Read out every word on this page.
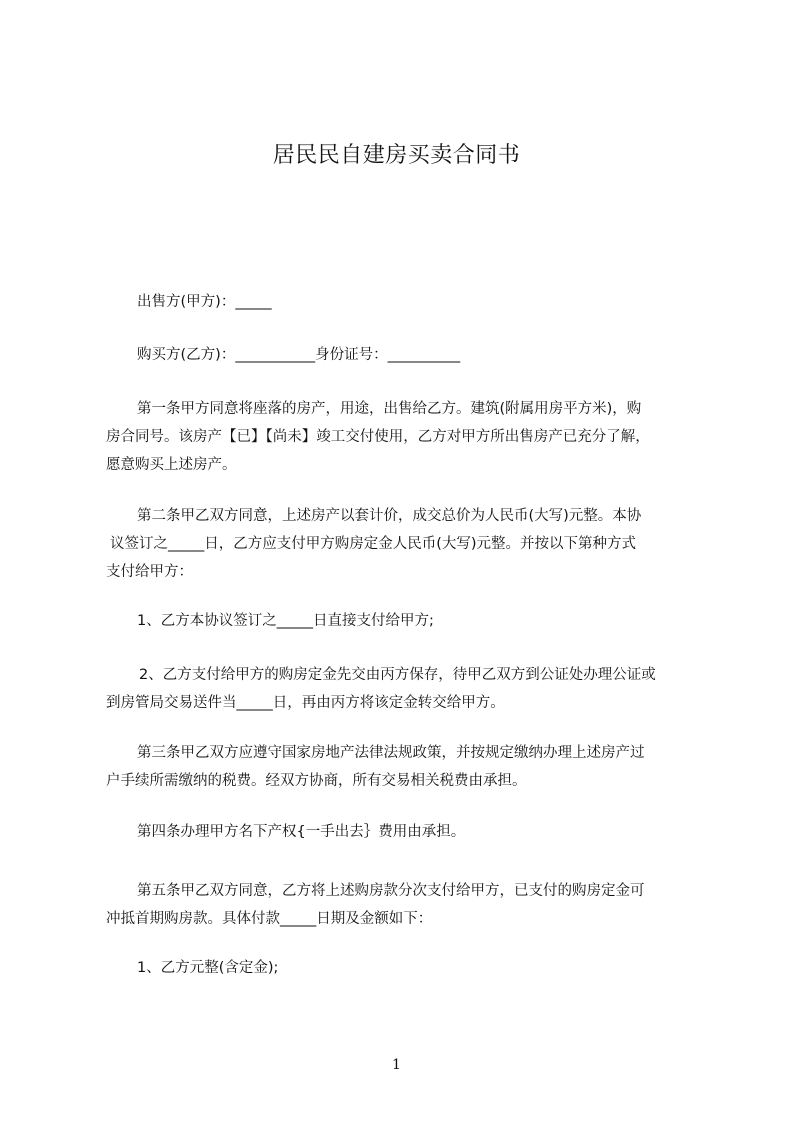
居民民自建房买卖合同书
出售方(甲方)：_____
购买方(乙方)：___________身份证号：__________
第一条甲方同意将座落的房产，用途，出售给乙方。建筑(附属用房平方米)，购
房合同号。该房产【已】【尚未】竣工交付使用，乙方对甲方所出售房产已充分了解，
愿意购买上述房产。
第二条甲乙双方同意，上述房产以套计价，成交总价为人民币(大写)元整。本协
议签订之_____日，乙方应支付甲方购房定金人民币(大写)元整。并按以下第种方式
支付给甲方：
1、乙方本协议签订之_____日直接支付给甲方;
2、乙方支付给甲方的购房定金先交由丙方保存，待甲乙双方到公证处办理公证或
到房管局交易送件当_____日，再由丙方将该定金转交给甲方。
第三条甲乙双方应遵守国家房地产法律法规政策，并按规定缴纳办理上述房产过
户手续所需缴纳的税费。经双方协商，所有交易相关税费由承担。
第四条办理甲方名下产权{一手出去｝费用由承担。
第五条甲乙双方同意，乙方将上述购房款分次支付给甲方，已支付的购房定金可
冲抵首期购房款。具体付款_____日期及金额如下：
1、乙方元整(含定金);
1
